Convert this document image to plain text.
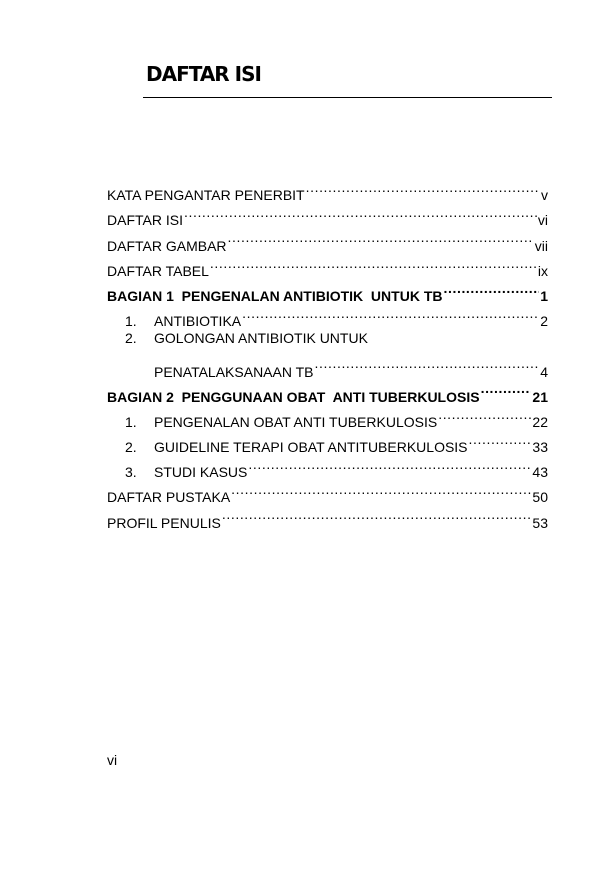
DAFTAR ISI
KATA PENGANTAR PENERBIT .....	v
DAFTAR ISI .....	vi
DAFTAR GAMBAR .....	vii
DAFTAR TABEL .....	ix
BAGIAN 1  PENGENALAN ANTIBIOTIK  UNTUK TB .....	1
1.	ANTIBIOTIKA .....	2
2.	GOLONGAN ANTIBIOTIK UNTUK
PENATALAKSANAAN TB .....	4
BAGIAN 2  PENGGUNAAN OBAT  ANTI TUBERKULOSIS .....	21
1.	PENGENALAN OBAT ANTI TUBERKULOSIS .....	22
2.	GUIDELINE TERAPI OBAT ANTITUBERKULOSIS .....	33
3.	STUDI KASUS .....	43
DAFTAR PUSTAKA .....	50
PROFIL PENULIS .....	53
vi
